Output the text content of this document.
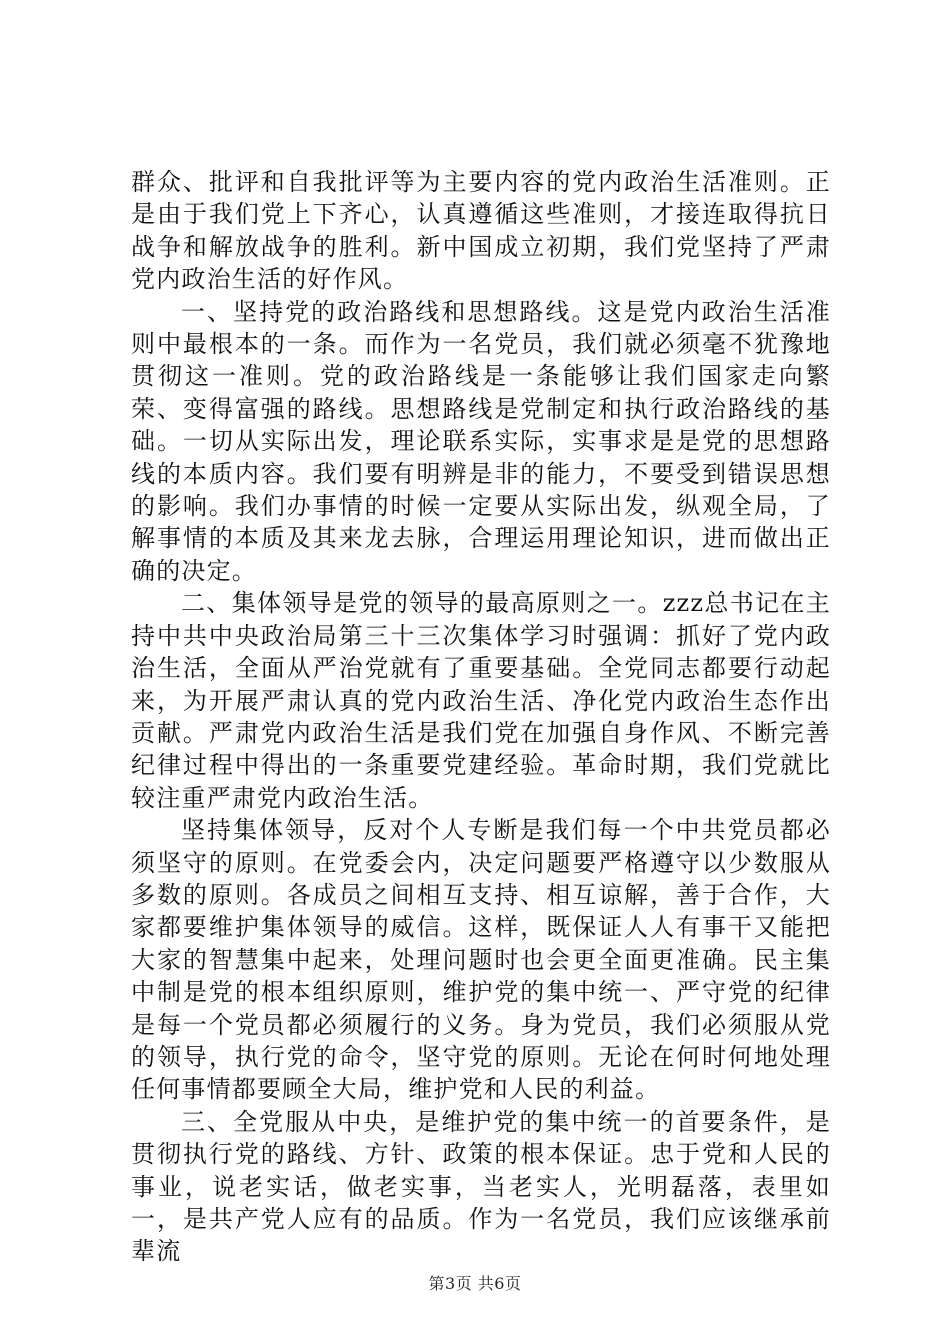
群众、批评和自我批评等为主要内容的党内政治生活准则。正是由于我们党上下齐心，认真遵循这些准则，才接连取得抗日战争和解放战争的胜利。新中国成立初期，我们党坚持了严肃党内政治生活的好作风。

一、坚持党的政治路线和思想路线。这是党内政治生活准则中最根本的一条。而作为一名党员，我们就必须毫不犹豫地贯彻这一准则。党的政治路线是一条能够让我们国家走向繁荣、变得富强的路线。思想路线是党制定和执行政治路线的基础。一切从实际出发，理论联系实际，实事求是是党的思想路线的本质内容。我们要有明辨是非的能力，不要受到错误思想的影响。我们办事情的时候一定要从实际出发，纵观全局，了解事情的本质及其来龙去脉，合理运用理论知识，进而做出正确的决定。

二、集体领导是党的领导的最高原则之一。zzz总书记在主持中共中央政治局第三十三次集体学习时强调：抓好了党内政治生活，全面从严治党就有了重要基础。全党同志都要行动起来，为开展严肃认真的党内政治生活、净化党内政治生态作出贡献。严肃党内政治生活是我们党在加强自身作风、不断完善纪律过程中得出的一条重要党建经验。革命时期，我们党就比较注重严肃党内政治生活。

坚持集体领导，反对个人专断是我们每一个中共党员都必须坚守的原则。在党委会内，决定问题要严格遵守以少数服从多数的原则。各成员之间相互支持、相互谅解，善于合作，大家都要维护集体领导的威信。这样，既保证人人有事干又能把大家的智慧集中起来，处理问题时也会更全面更准确。民主集中制是党的根本组织原则，维护党的集中统一、严守党的纪律是每一个党员都必须履行的义务。身为党员，我们必须服从党的领导，执行党的命令，坚守党的原则。无论在何时何地处理任何事情都要顾全大局，维护党和人民的利益。

三、全党服从中央，是维护党的集中统一的首要条件，是贯彻执行党的路线、方针、政策的根本保证。忠于党和人民的事业，说老实话，做老实事，当老实人，光明磊落，表里如一，是共产党人应有的品质。作为一名党员，我们应该继承前辈流

第3页 共6页
